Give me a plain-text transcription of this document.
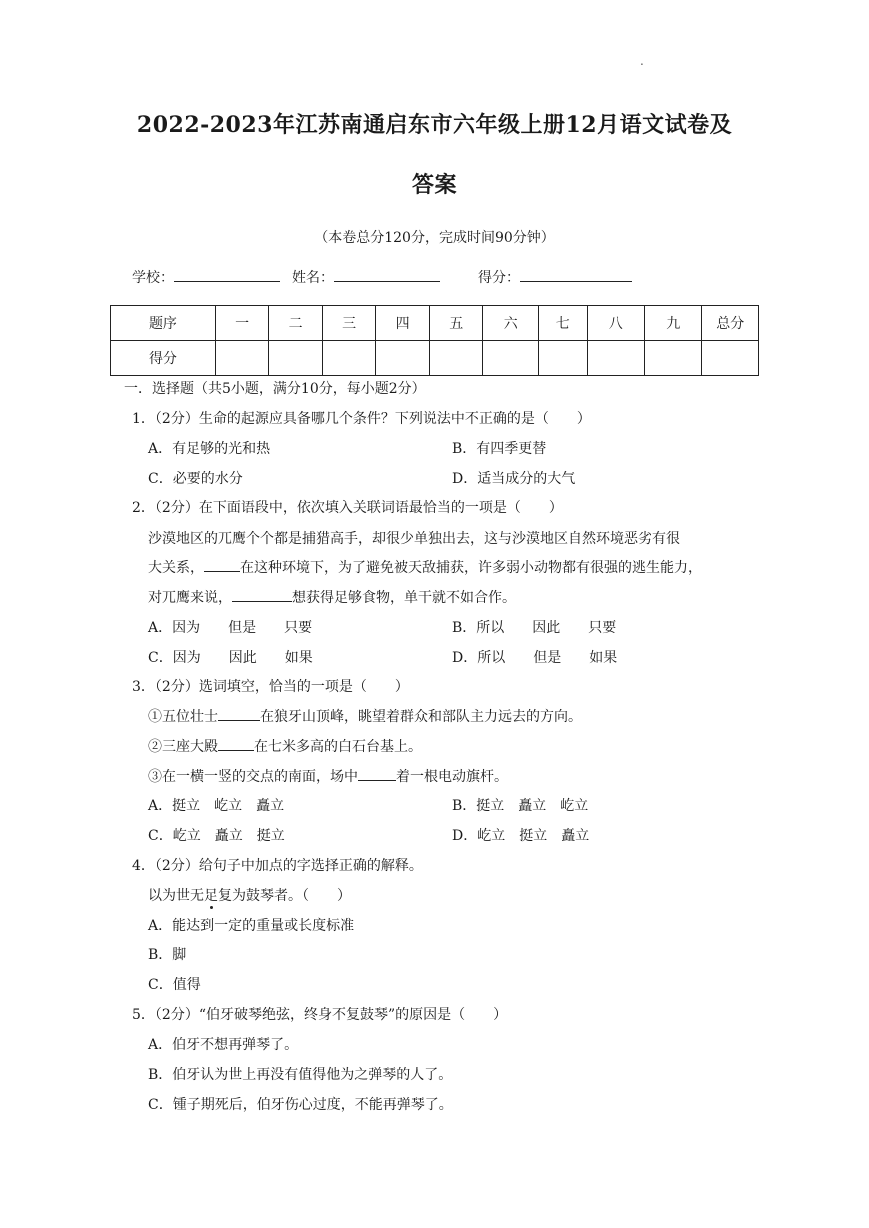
.
2022-2023年江苏南通启东市六年级上册12月语文试卷及
答案
（本卷总分120分，完成时间90分钟）
学校：	姓名：	得分：
题序	一	二	三	四	五	六	七	八	九	总分
得分										
一．选择题（共5小题，满分10分，每小题2分）
1．（2分）生命的起源应具备哪几个条件？下列说法中不正确的是（　　）
A．有足够的光和热	B．有四季更替
C．必要的水分	D．适当成分的大气
2．（2分）在下面语段中，依次填入关联词语最恰当的一项是（　　）
沙漠地区的兀鹰个个都是捕猎高手，却很少单独出去，这与沙漠地区自然环境恶劣有很
大关系，	在这种环境下，为了避免被天敌捕获，许多弱小动物都有很强的逃生能力，
对兀鹰来说，	想获得足够食物，单干就不如合作。
A．因为　　但是　　只要	B．所以　　因此　　只要
C．因为　　因此　　如果	D．所以　　但是　　如果
3．（2分）选词填空，恰当的一项是（　　）
①五位壮士	在狼牙山顶峰，眺望着群众和部队主力远去的方向。
②三座大殿	在七米多高的白石台基上。
③在一横一竖的交点的南面，场中	着一根电动旗杆。
A．挺立　屹立　矗立	B．挺立　矗立　屹立
C．屹立　矗立　挺立	D．屹立　挺立　矗立
4．（2分）给句子中加点的字选择正确的解释。
以为世无足复为鼓琴者。（　　）
A．能达到一定的重量或长度标准
B．脚
C．值得
5．（2分）“伯牙破琴绝弦，终身不复鼓琴”的原因是（　　）
A．伯牙不想再弹琴了。
B．伯牙认为世上再没有值得他为之弹琴的人了。
C．锺子期死后，伯牙伤心过度，不能再弹琴了。
